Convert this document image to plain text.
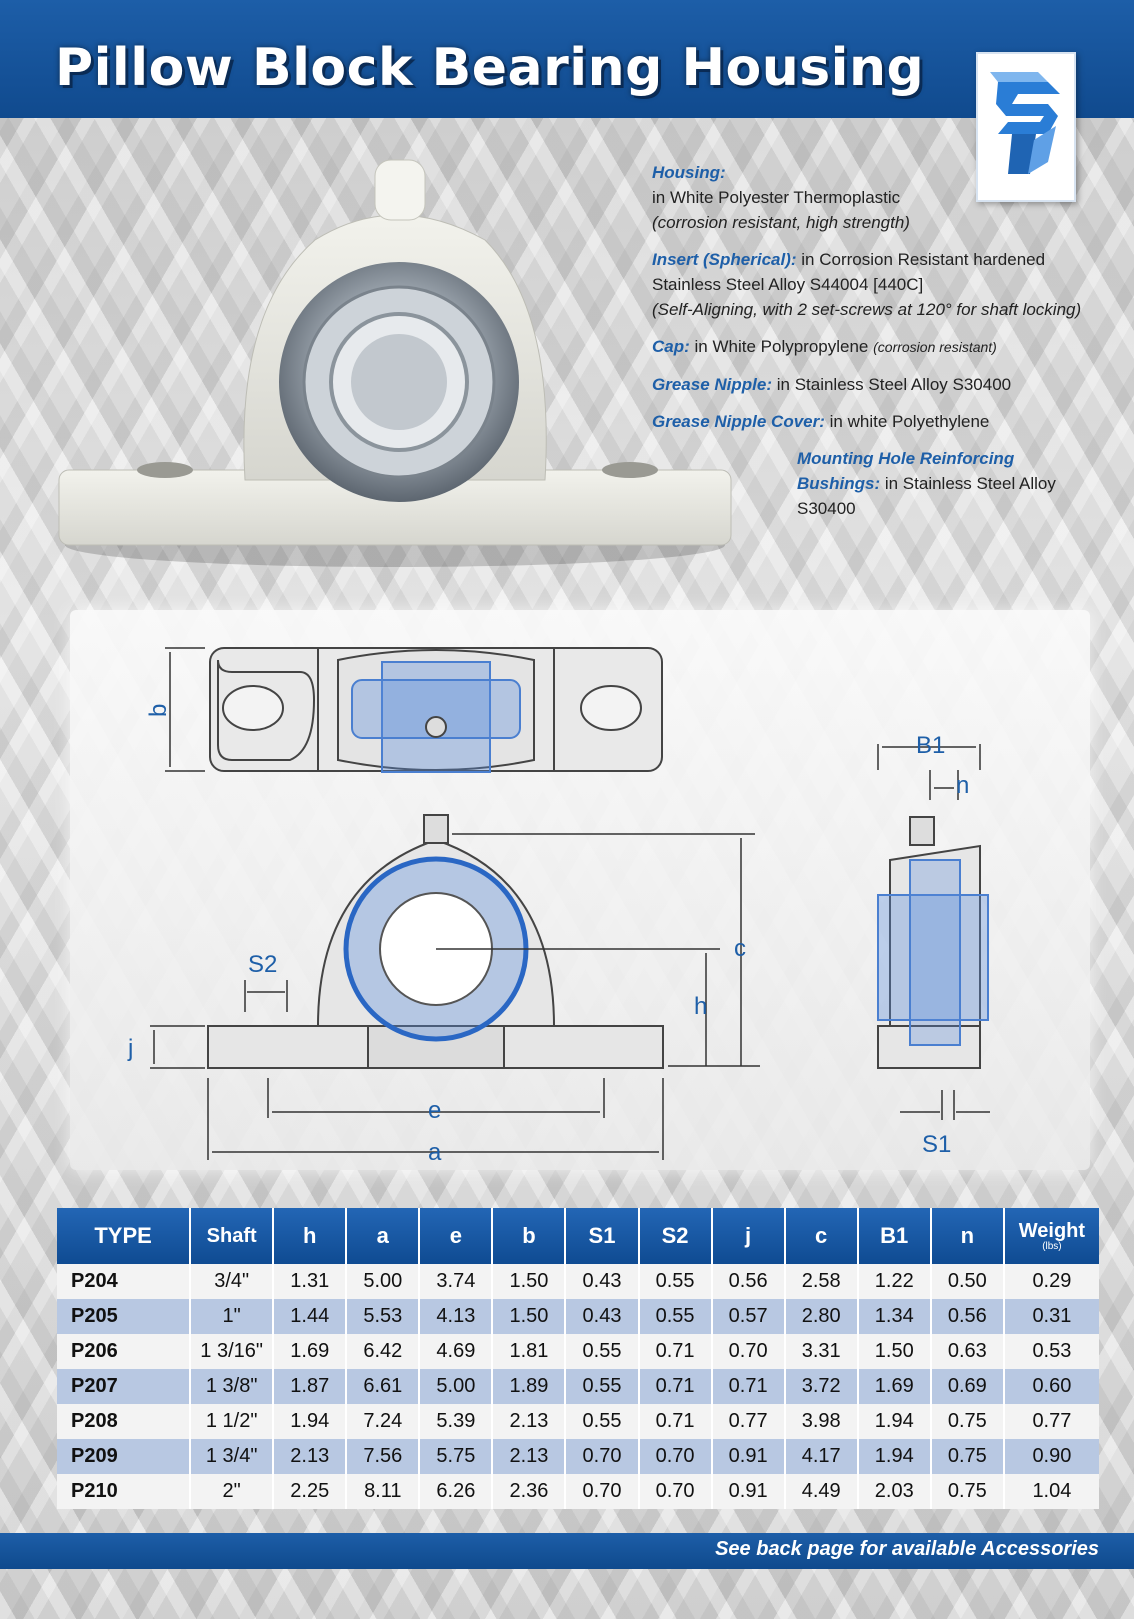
Pillow Block Bearing Housing
Housing:
in White Polyester Thermoplastic
(corrosion resistant, high strength)
Insert (Spherical): in Corrosion Resistant hardened Stainless Steel Alloy S44004 [440C]
(Self-Aligning, with 2 set-screws at 120° for shaft locking)
Cap: in White Polypropylene (corrosion resistant)
Grease Nipple: in Stainless Steel Alloy S30400
Grease Nipple Cover: in white Polyethylene
Mounting Hole Reinforcing Bushings: in Stainless Steel Alloy S30400
b
B1
n
c
h
S2
j
e
a	S1
TYPE	Shaft	h	a	e	b	S1	S2	j	c	B1	n	Weight
(lbs)

P204	3/4"	1.31	5.00	3.74	1.50	0.43	0.55	0.56	2.58	1.22	0.50	0.29
P205	1"	1.44	5.53	4.13	1.50	0.43	0.55	0.57	2.80	1.34	0.56	0.31
P206	1 3/16"	1.69	6.42	4.69	1.81	0.55	0.71	0.70	3.31	1.50	0.63	0.53
P207	1 3/8"	1.87	6.61	5.00	1.89	0.55	0.71	0.71	3.72	1.69	0.69	0.60
P208	1 1/2"	1.94	7.24	5.39	2.13	0.55	0.71	0.77	3.98	1.94	0.75	0.77
P209	1 3/4"	2.13	7.56	5.75	2.13	0.70	0.70	0.91	4.17	1.94	0.75	0.90
P210	2"	2.25	8.11	6.26	2.36	0.70	0.70	0.91	4.49	2.03	0.75	1.04
See back page for available Accessories
